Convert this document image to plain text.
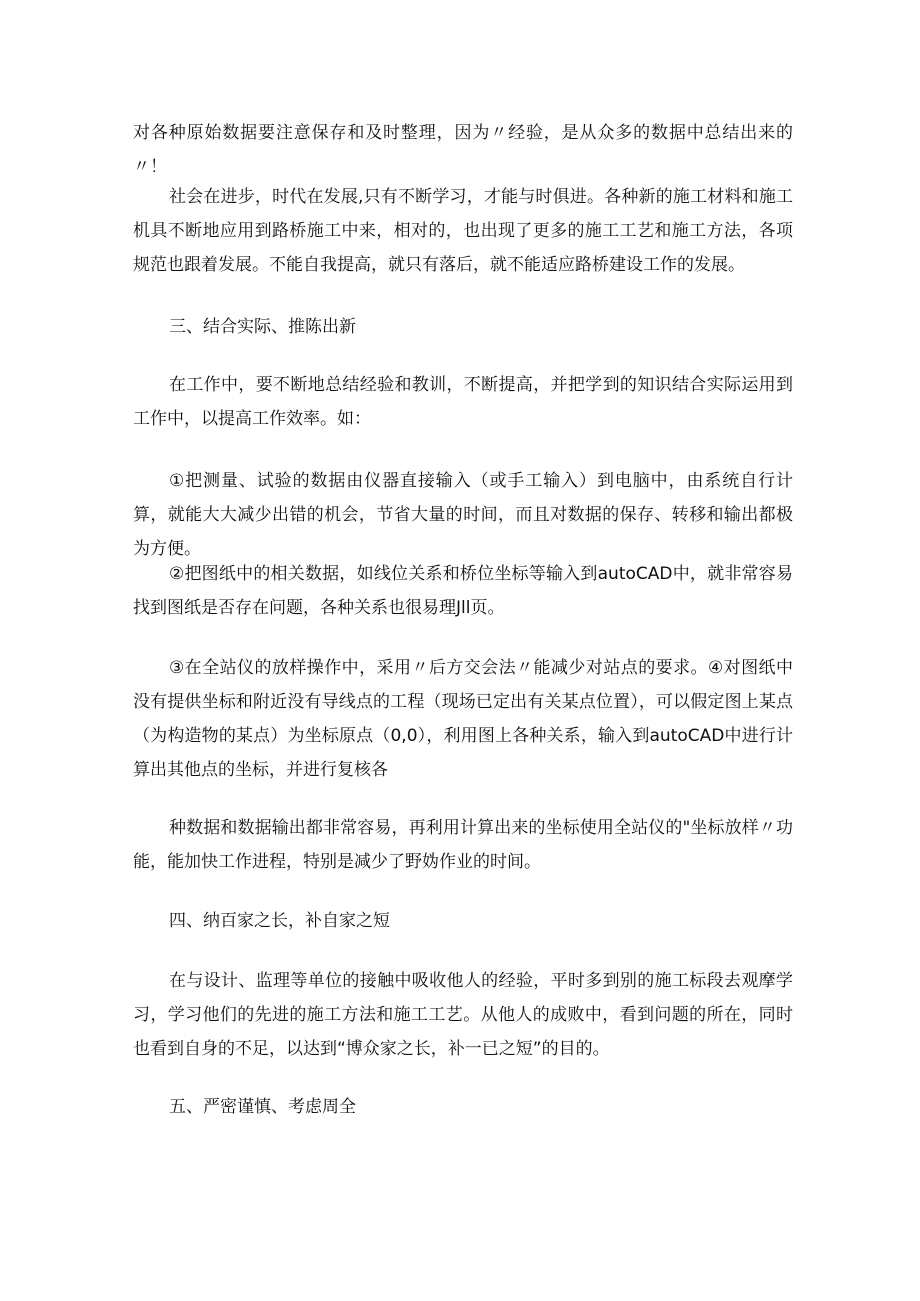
对各种原始数据要注意保存和及时整理，因为〃经验，是从众多的数据中总结出来的〃！

社会在进步，时代在发展,只有不断学习，才能与时俱进。各种新的施工材料和施工机具不断地应用到路桥施工中来，相对的，也出现了更多的施工工艺和施工方法，各项规范也跟着发展。不能自我提高，就只有落后，就不能适应路桥建设工作的发展。

三、结合实际、推陈出新

在工作中，要不断地总结经验和教训，不断提高，并把学到的知识结合实际运用到工作中，以提高工作效率。如：

①把测量、试验的数据由仪器直接输入（或手工输入）到电脑中，由系统自行计算，就能大大减少出错的机会，节省大量的时间，而且对数据的保存、转移和输出都极为方便。

②把图纸中的相关数据，如线位关系和桥位坐标等输入到autoCAD中，就非常容易找到图纸是否存在问题，各种关系也很易理Jll页。

③在全站仪的放样操作中，采用〃后方交会法〃能减少对站点的要求。④对图纸中没有提供坐标和附近没有导线点的工程（现场已定出有关某点位置），可以假定图上某点（为构造物的某点）为坐标原点（0,0），利用图上各种关系，输入到autoCAD中进行计算出其他点的坐标，并进行复核各

种数据和数据输出都非常容易，再利用计算出来的坐标使用全站仪的"坐标放样〃功能，能加快工作进程，特别是减少了野妫作业的时间。

四、纳百家之长，补自家之短

在与设计、监理等单位的接触中吸收他人的经验，平时多到别的施工标段去观摩学习，学习他们的先进的施工方法和施工工艺。从他人的成败中，看到问题的所在，同时也看到自身的不足，以达到“博众家之长，补一已之短”的目的。

五、严密谨慎、考虑周全
